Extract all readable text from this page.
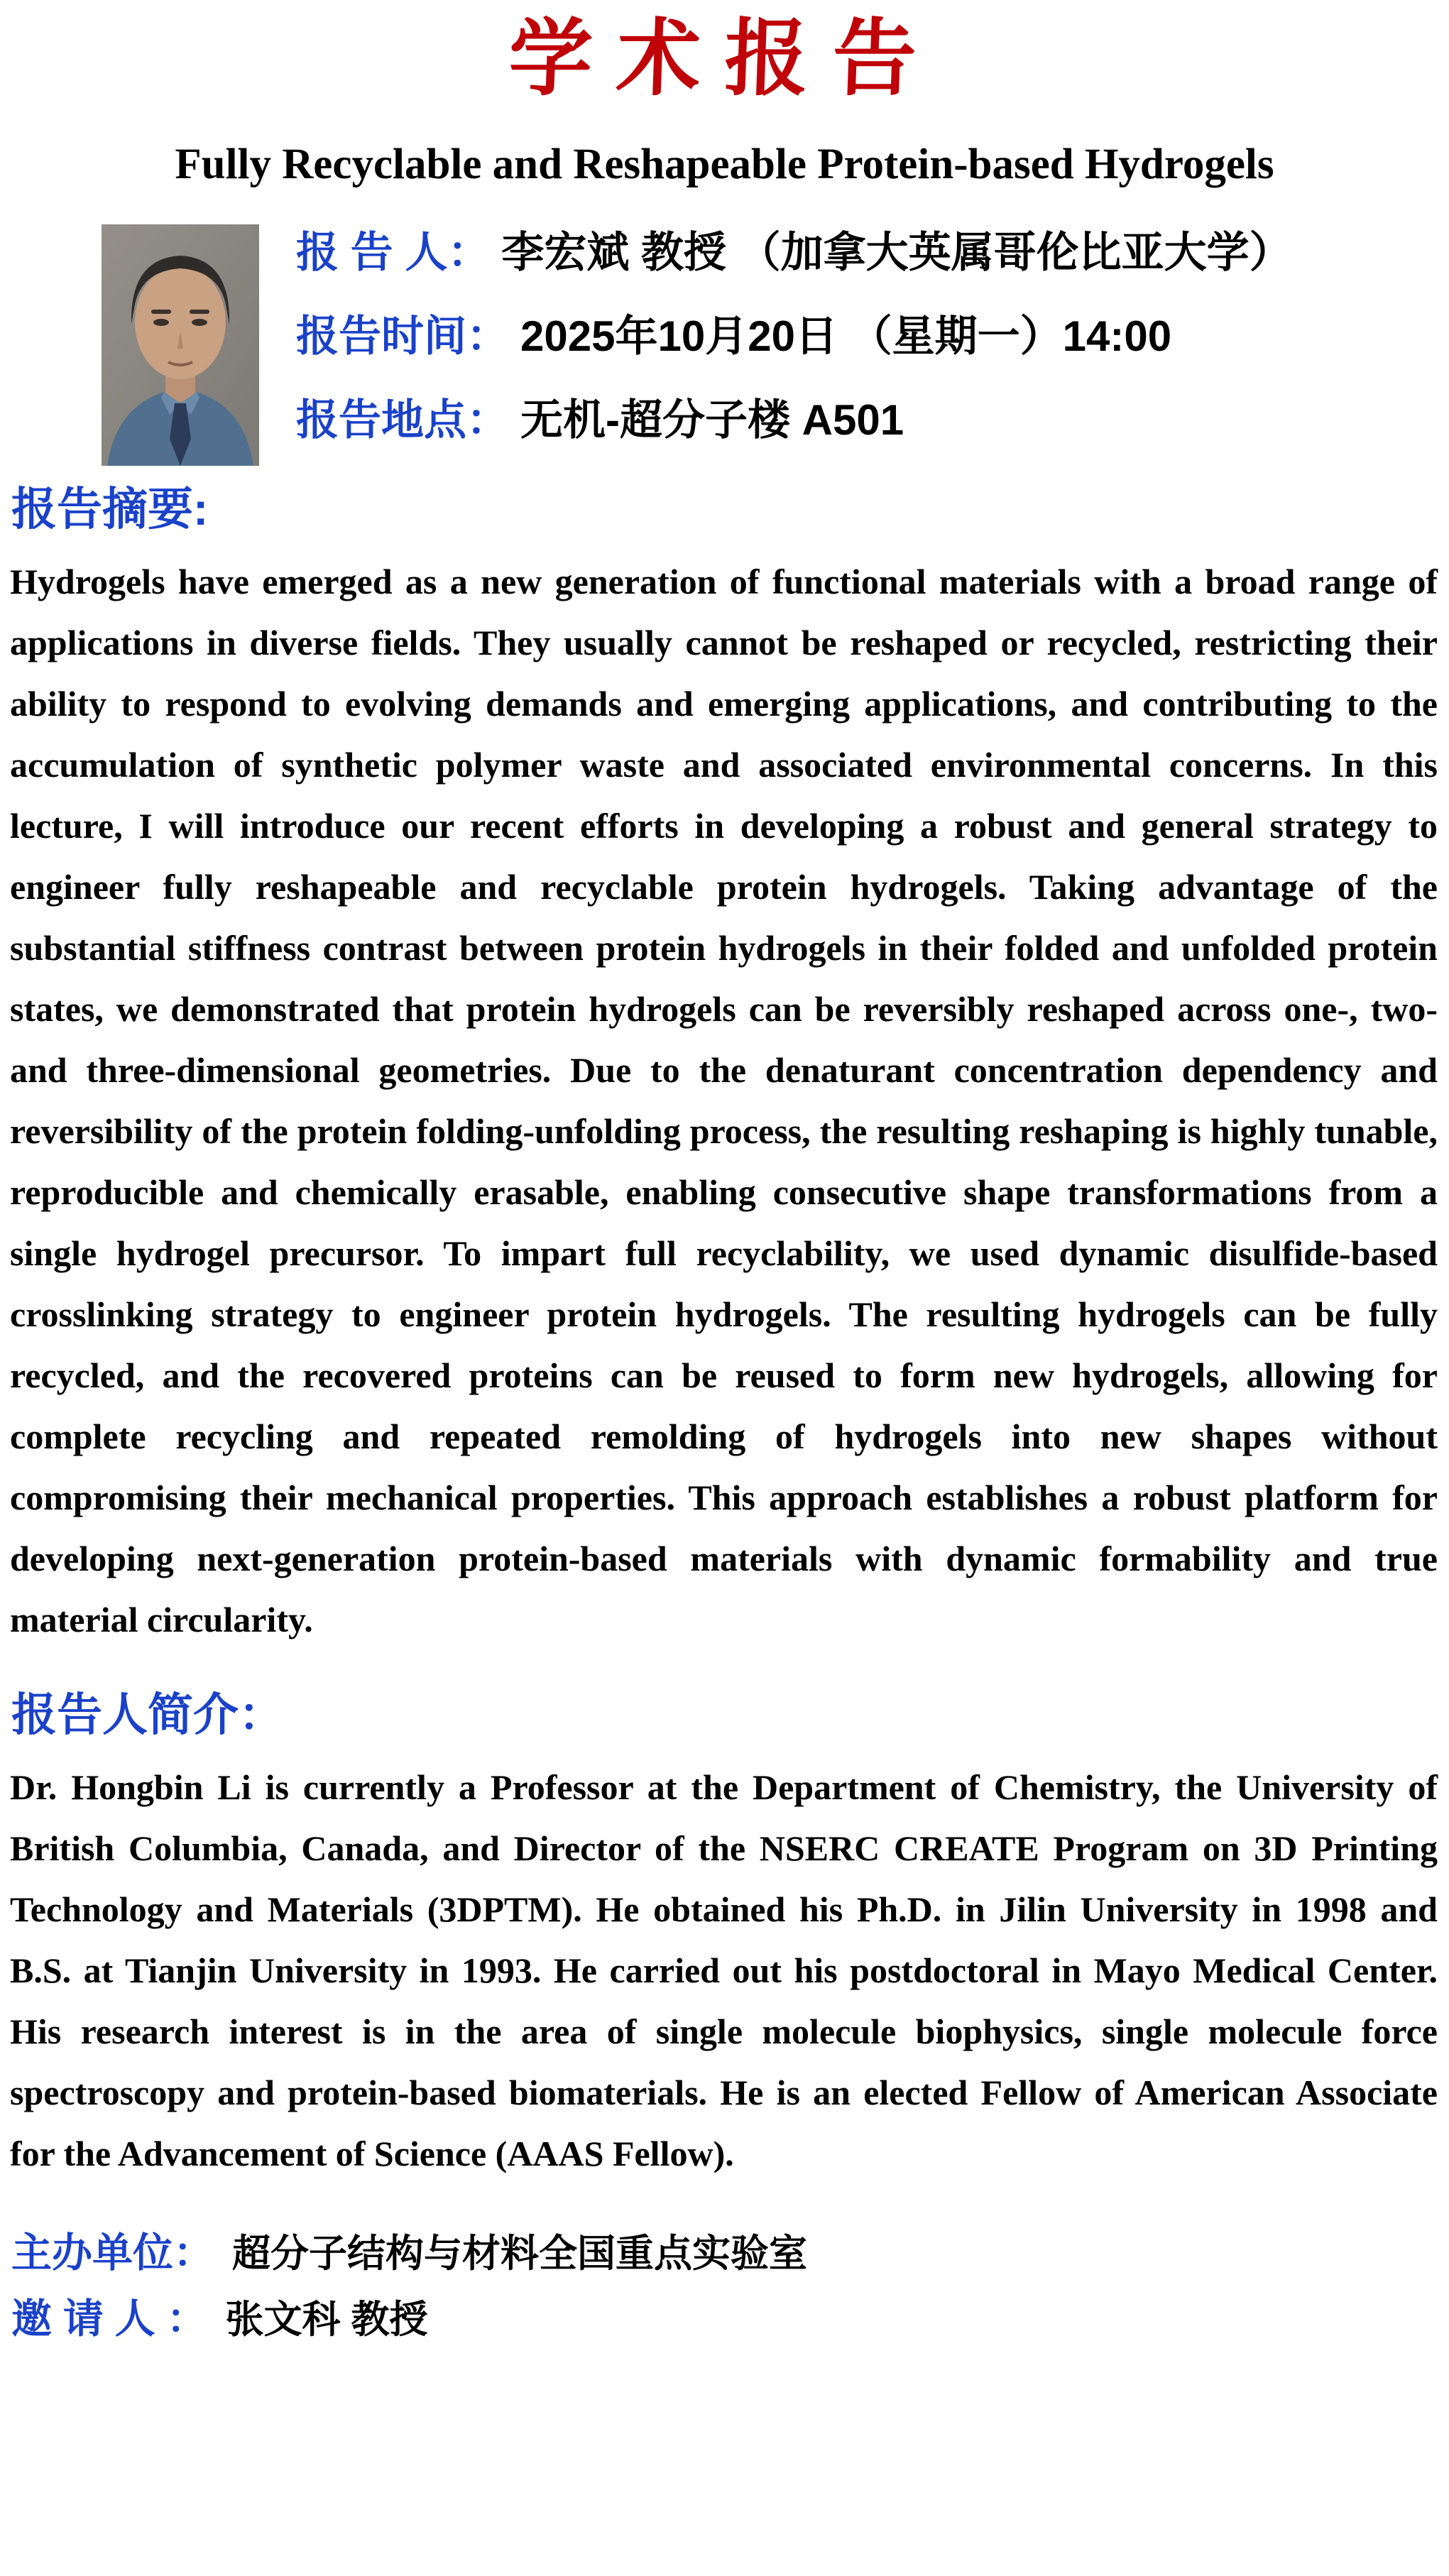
学术报告
Fully Recyclable and Reshapeable Protein-based Hydrogels
报 告 人： 李宏斌 教授 （加拿大英属哥伦比亚大学）
报告时间： 2025年10月20日 （星期一）14:00
报告地点： 无机-超分子楼 A501
报告摘要:

Hydrogels have emerged as a new generation of functional materials with a broad range of applications in diverse fields. They usually cannot be reshaped or recycled, restricting their ability to respond to evolving demands and emerging applications, and contributing to the accumulation of synthetic polymer waste and associated environmental concerns. In this lecture, I will introduce our recent efforts in developing a robust and general strategy to engineer fully reshapeable and recyclable protein hydrogels. Taking advantage of the substantial stiffness contrast between protein hydrogels in their folded and unfolded protein states, we demonstrated that protein hydrogels can be reversibly reshaped across one-, two- and three-dimensional geometries. Due to the denaturant concentration dependency and reversibility of the protein folding-unfolding process, the resulting reshaping is highly tunable, reproducible and chemically erasable, enabling consecutive shape transformations from a single hydrogel precursor. To impart full recyclability, we used dynamic disulfide-based crosslinking strategy to engineer protein hydrogels. The resulting hydrogels can be fully recycled, and the recovered proteins can be reused to form new hydrogels, allowing for complete recycling and repeated remolding of hydrogels into new shapes without compromising their mechanical properties. This approach establishes a robust platform for developing next-generation protein-based materials with dynamic formability and true material circularity.

报告人简介：

Dr. Hongbin Li is currently a Professor at the Department of Chemistry, the University of British Columbia, Canada, and Director of the NSERC CREATE Program on 3D Printing Technology and Materials (3DPTM). He obtained his Ph.D. in Jilin University in 1998 and B.S. at Tianjin University in 1993. He carried out his postdoctoral in Mayo Medical Center. His research interest is in the area of single molecule biophysics, single molecule force spectroscopy and protein-based biomaterials. He is an elected Fellow of American Associate for the Advancement of Science (AAAS Fellow).

主办单位： 超分子结构与材料全国重点实验室
邀 请 人 ： 张文科 教授
